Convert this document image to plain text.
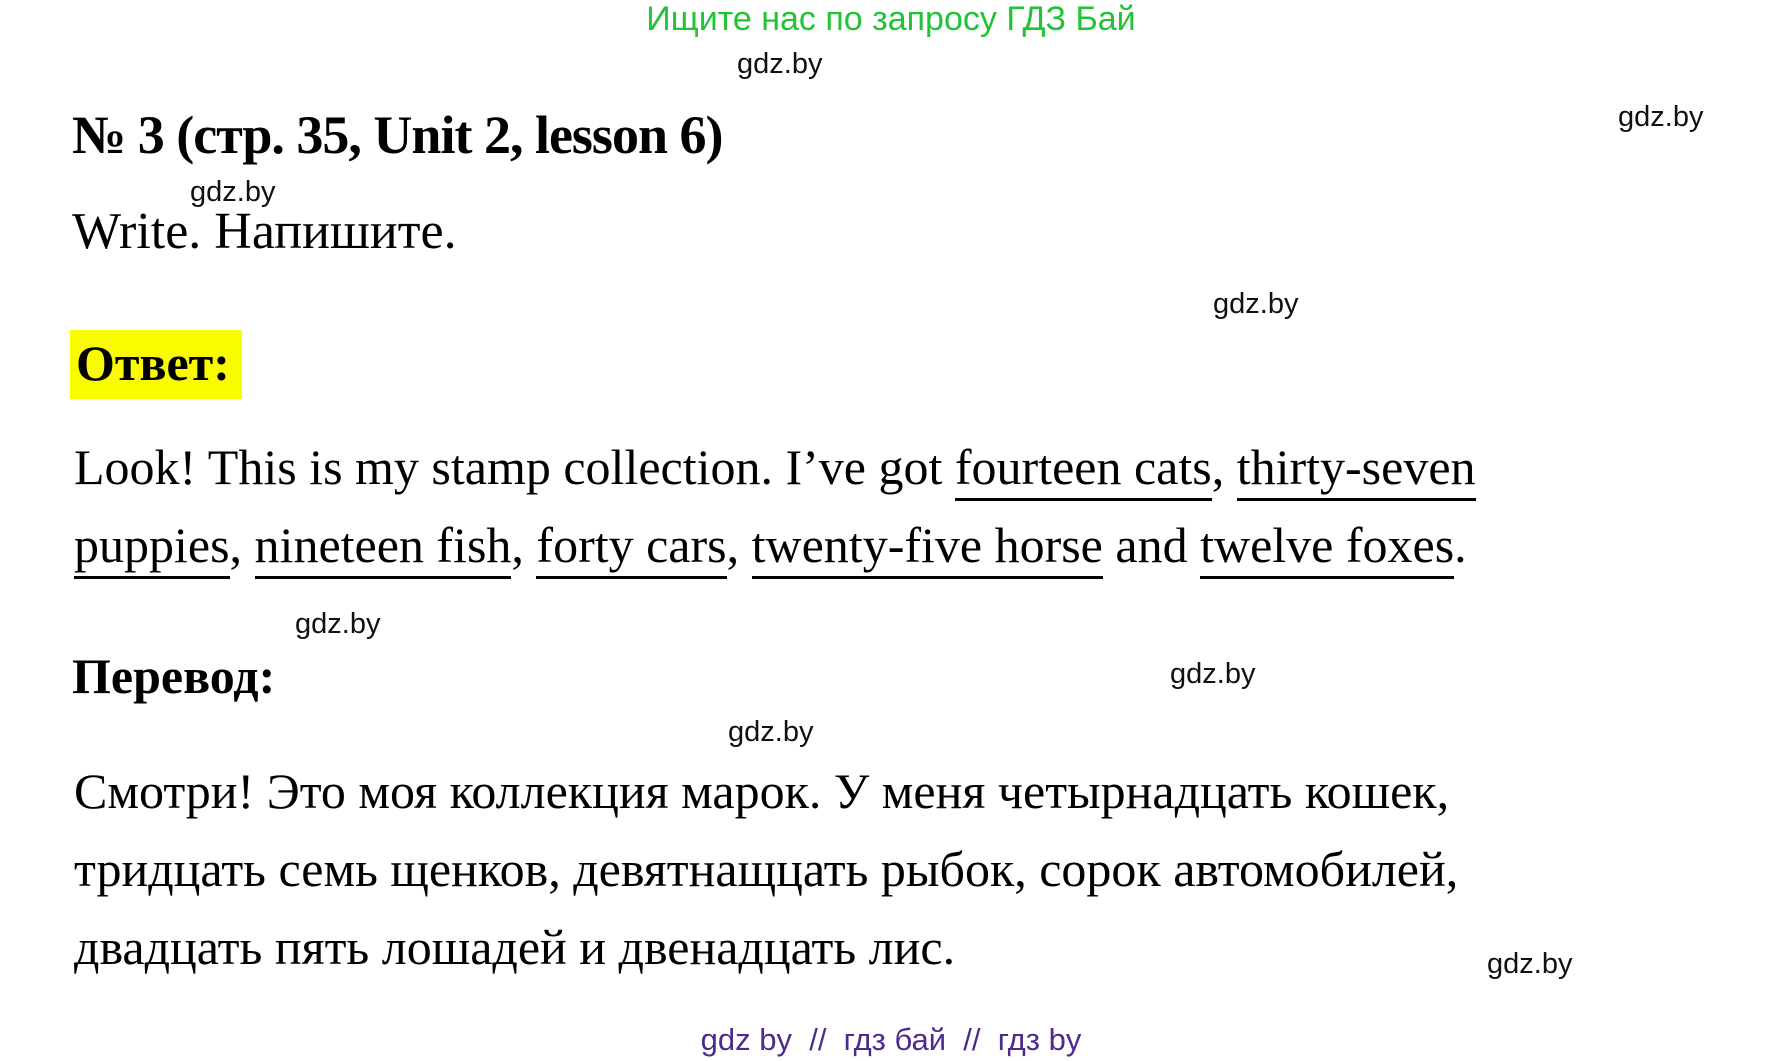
Ищите нас по запросу ГДЗ Бай
gdz.by
gdz.by
gdz.by
gdz.by
gdz.by
gdz.by
gdz.by
gdz.by
№ 3 (стр. 35, Unit 2, lesson 6)
Write. Напишите.
Ответ:
Look! This is my stamp collection. I’ve got fourteen cats, thirty-seven
puppies, nineteen fish, forty cars, twenty-five horse and twelve foxes.
Перевод:
Смотри! Это моя коллекция марок. У меня четырнадцать кошек,
тридцать семь щенков, девятнащцать рыбок, сорок автомобилей,
двадцать пять лошадей и двенадцать лис.
gdz by  //  гдз бай  //  гдз by
